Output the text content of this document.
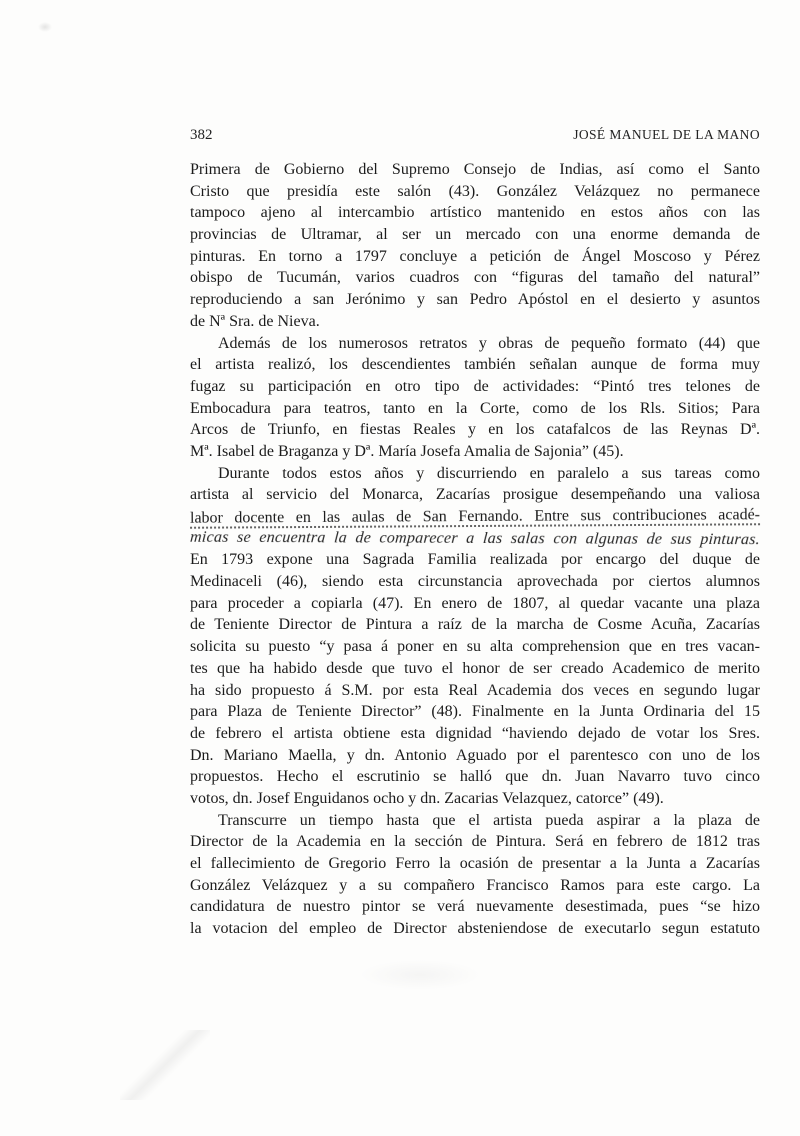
382	JOSÉ MANUEL DE LA MANO
Primera de Gobierno del Supremo Consejo de Indias, así como el Santo
Cristo que presidía este salón (43). González Velázquez no permanece
tampoco ajeno al intercambio artístico mantenido en estos años con las
provincias de Ultramar, al ser un mercado con una enorme demanda de
pinturas. En torno a 1797 concluye a petición de Ángel Moscoso y Pérez
obispo de Tucumán, varios cuadros con “figuras del tamaño del natural”
reproduciendo a san Jerónimo y san Pedro Apóstol en el desierto y asuntos
de Nª Sra. de Nieva.
Además de los numerosos retratos y obras de pequeño formato (44) que
el artista realizó, los descendientes también señalan aunque de forma muy
fugaz su participación en otro tipo de actividades: “Pintó tres telones de
Embocadura para teatros, tanto en la Corte, como de los Rls. Sitios; Para
Arcos de Triunfo, en fiestas Reales y en los catafalcos de las Reynas Dª.
Mª. Isabel de Braganza y Dª. María Josefa Amalia de Sajonia” (45).
Durante todos estos años y discurriendo en paralelo a sus tareas como
artista al servicio del Monarca, Zacarías prosigue desempeñando una valiosa
labor docente en las aulas de San Fernando. Entre sus contribuciones acadé-
micas se encuentra la de comparecer a las salas con algunas de sus pinturas.
En 1793 expone una Sagrada Familia realizada por encargo del duque de
Medinaceli (46), siendo esta circunstancia aprovechada por ciertos alumnos
para proceder a copiarla (47). En enero de 1807, al quedar vacante una plaza
de Teniente Director de Pintura a raíz de la marcha de Cosme Acuña, Zacarías
solicita su puesto “y pasa á poner en su alta comprehension que en tres vacan-
tes que ha habido desde que tuvo el honor de ser creado Academico de merito
ha sido propuesto á S.M. por esta Real Academia dos veces en segundo lugar
para Plaza de Teniente Director” (48). Finalmente en la Junta Ordinaria del 15
de febrero el artista obtiene esta dignidad “haviendo dejado de votar los Sres.
Dn. Mariano Maella, y dn. Antonio Aguado por el parentesco con uno de los
propuestos. Hecho el escrutinio se halló que dn. Juan Navarro tuvo cinco
votos, dn. Josef Enguidanos ocho y dn. Zacarias Velazquez, catorce” (49).
Transcurre un tiempo hasta que el artista pueda aspirar a la plaza de
Director de la Academia en la sección de Pintura. Será en febrero de 1812 tras
el fallecimiento de Gregorio Ferro la ocasión de presentar a la Junta a Zacarías
González Velázquez y a su compañero Francisco Ramos para este cargo. La
candidatura de nuestro pintor se verá nuevamente desestimada, pues “se hizo
la votacion del empleo de Director absteniendose de executarlo segun estatuto
